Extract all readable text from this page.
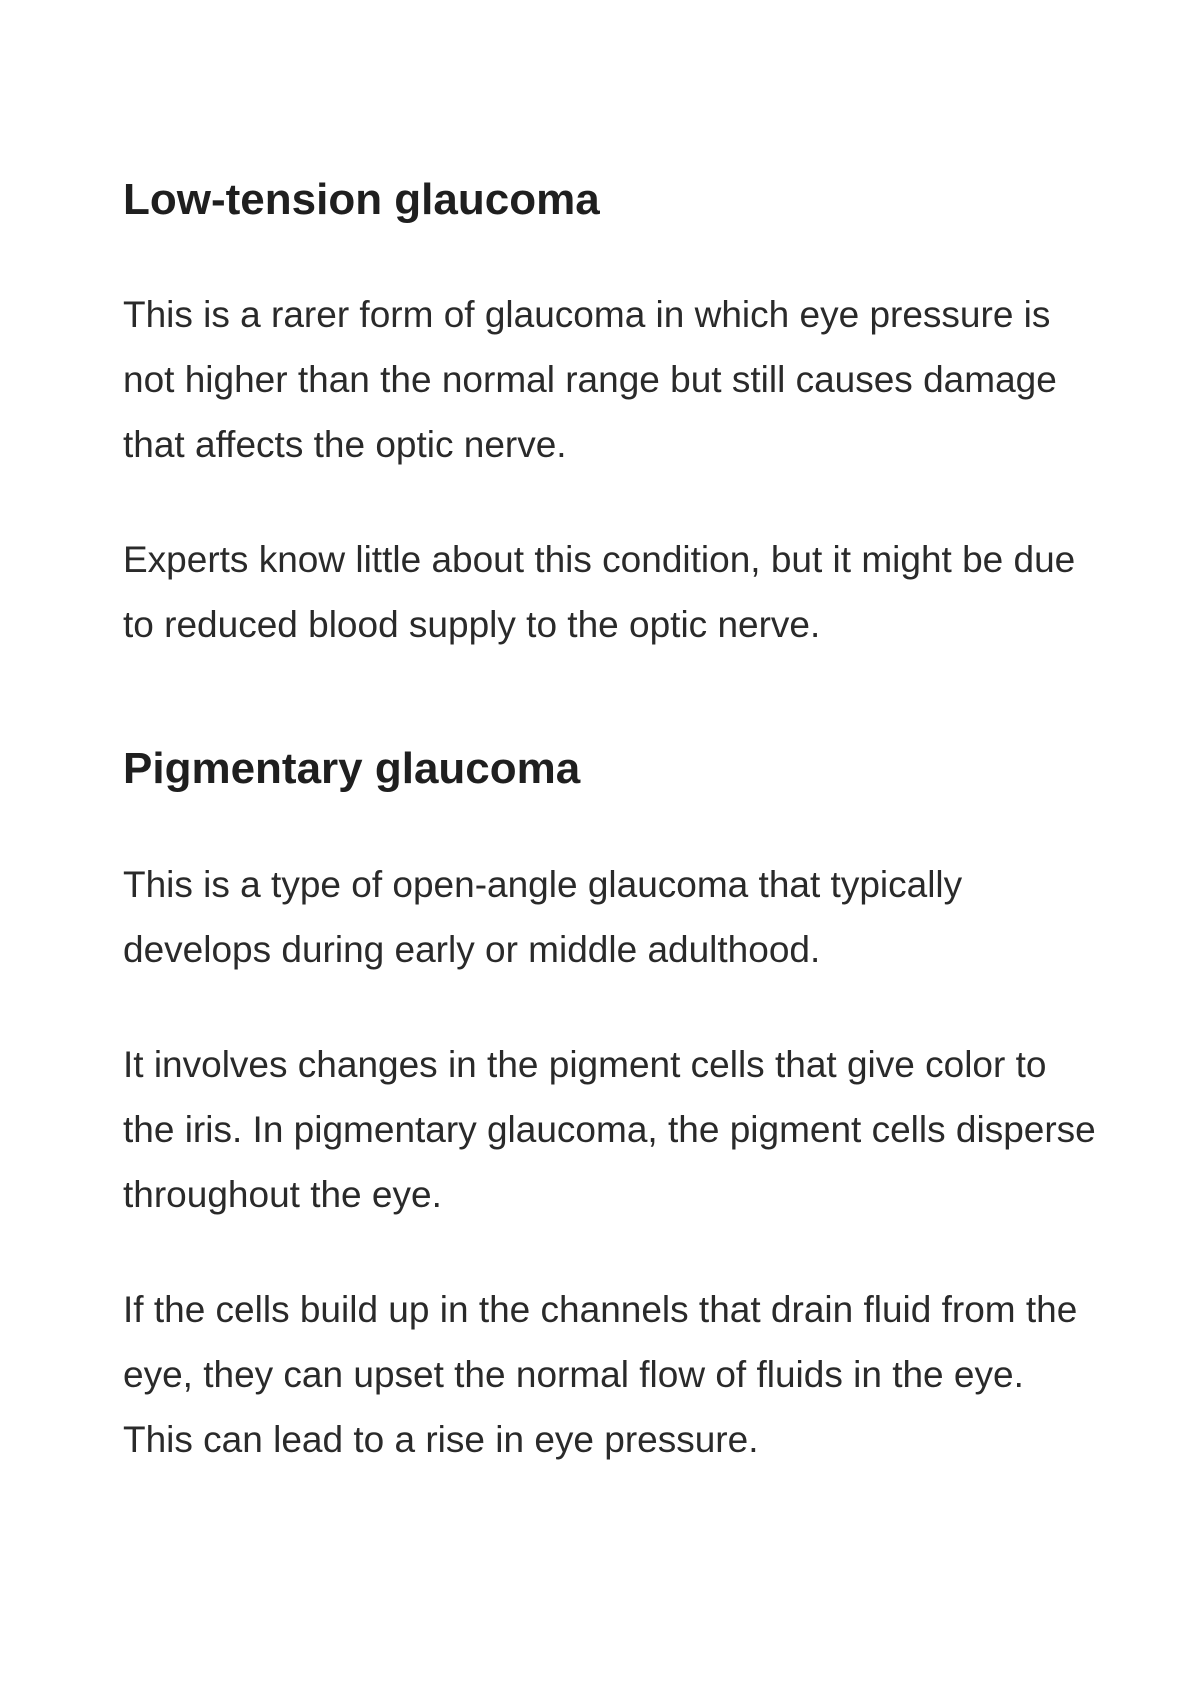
Low-tension glaucoma

This is a rarer form of glaucoma in which eye pressure is not higher than the normal range but still causes damage that affects the optic nerve.

Experts know little about this condition, but it might be due to reduced blood supply to the optic nerve.

Pigmentary glaucoma

This is a type of open-angle glaucoma that typically develops during early or middle adulthood.

It involves changes in the pigment cells that give color to the iris. In pigmentary glaucoma, the pigment cells disperse throughout the eye.

If the cells build up in the channels that drain fluid from the eye, they can upset the normal flow of fluids in the eye. This can lead to a rise in eye pressure.
